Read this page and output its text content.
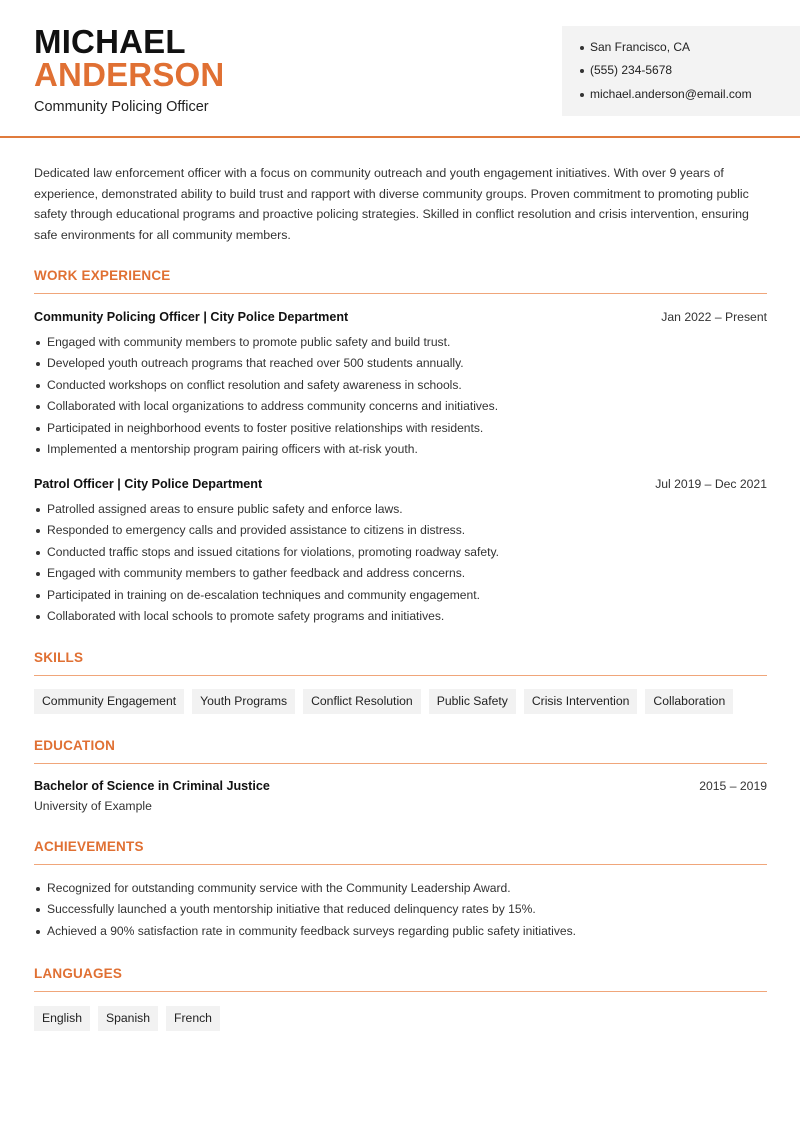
MICHAEL
ANDERSON
Community Policing Officer
San Francisco, CA
(555) 234-5678
michael.anderson@email.com
Dedicated law enforcement officer with a focus on community outreach and youth engagement initiatives. With over 9 years of experience, demonstrated ability to build trust and rapport with diverse community groups. Proven commitment to promoting public safety through educational programs and proactive policing strategies. Skilled in conflict resolution and crisis intervention, ensuring safe environments for all community members.
WORK EXPERIENCE
Community Policing Officer | City Police Department	Jan 2022 – Present
Engaged with community members to promote public safety and build trust.
Developed youth outreach programs that reached over 500 students annually.
Conducted workshops on conflict resolution and safety awareness in schools.
Collaborated with local organizations to address community concerns and initiatives.
Participated in neighborhood events to foster positive relationships with residents.
Implemented a mentorship program pairing officers with at-risk youth.
Patrol Officer | City Police Department	Jul 2019 – Dec 2021
Patrolled assigned areas to ensure public safety and enforce laws.
Responded to emergency calls and provided assistance to citizens in distress.
Conducted traffic stops and issued citations for violations, promoting roadway safety.
Engaged with community members to gather feedback and address concerns.
Participated in training on de-escalation techniques and community engagement.
Collaborated with local schools to promote safety programs and initiatives.
SKILLS
Community Engagement	Youth Programs	Conflict Resolution	Public Safety	Crisis Intervention	Collaboration
EDUCATION
Bachelor of Science in Criminal Justice	2015 – 2019
University of Example
ACHIEVEMENTS
Recognized for outstanding community service with the Community Leadership Award.
Successfully launched a youth mentorship initiative that reduced delinquency rates by 15%.
Achieved a 90% satisfaction rate in community feedback surveys regarding public safety initiatives.
LANGUAGES
English	Spanish	French
